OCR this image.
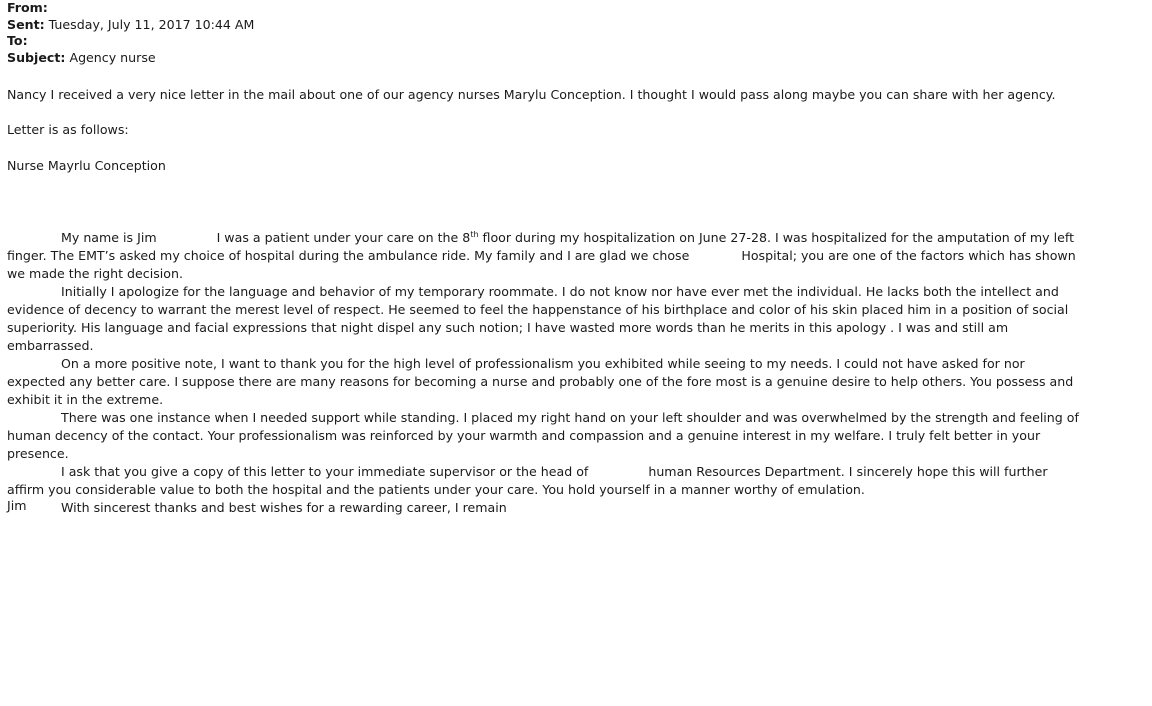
From:
Sent: Tuesday, July 11, 2017 10:44 AM
To:
Subject: Agency nurse

Nancy I received a very nice letter in the mail about one of our agency nurses Marylu Conception. I thought I would pass along maybe you can share with her agency.

Letter is as follows:

Nurse Mayrlu Conception

My name is Jim	I was a patient under your care on the 8th floor during my hospitalization on June 27-28. I was hospitalized for the amputation of my left finger. The EMT’s asked my choice of hospital during the ambulance ride. My family and I are glad we chose	Hospital; you are one of the factors which has shown we made the right decision.

Initially I apologize for the language and behavior of my temporary roommate. I do not know nor have ever met the individual. He lacks both the intellect and evidence of decency to warrant the merest level of respect. He seemed to feel the happenstance of his birthplace and color of his skin placed him in a position of social superiority. His language and facial expressions that night dispel any such notion; I have wasted more words than he merits in this apology . I was and still am embarrassed.

On a more positive note, I want to thank you for the high level of professionalism you exhibited while seeing to my needs. I could not have asked for nor expected any better care. I suppose there are many reasons for becoming a nurse and probably one of the fore most is a genuine desire to help others. You possess and exhibit it in the extreme.

There was one instance when I needed support while standing. I placed my right hand on your left shoulder and was overwhelmed by the strength and feeling of human decency of the contact. Your professionalism was reinforced by your warmth and compassion and a genuine interest in my welfare. I truly felt better in your presence.

I ask that you give a copy of this letter to your immediate supervisor or the head of	human Resources Department. I sincerely hope this will further affirm you considerable value to both the hospital and the patients under your care. You hold yourself in a manner worthy of emulation.

With sincerest thanks and best wishes for a rewarding career, I remain

Jim
